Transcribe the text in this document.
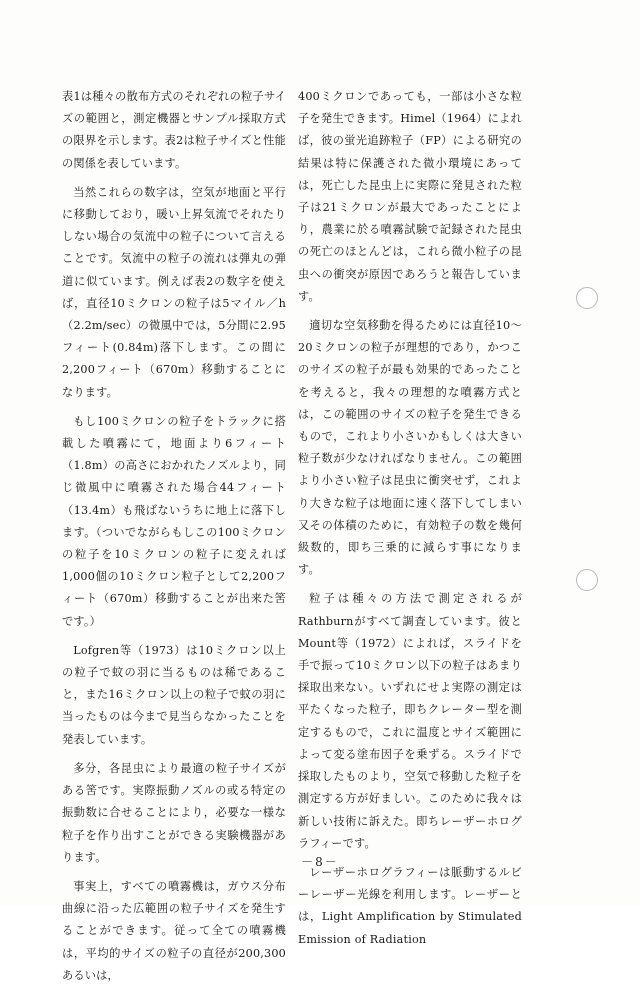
表1は種々の散布方式のそれぞれの粒子サイズの範囲と，測定機器とサンプル採取方式の限界を示します。表2は粒子サイズと性能の関係を表しています。

当然これらの数字は，空気が地面と平行に移動しており，暖い上昇気流でそれたりしない場合の気流中の粒子について言えることです。気流中の粒子の流れは弾丸の弾道に似ています。例えば表2の数字を使えば，直径10ミクロンの粒子は5マイル／h（2.2m/sec）の微風中では，5分間に2.95フィート(0.84m)落下します。この間に2,200フィート（670m）移動することになります。

もし100ミクロンの粒子をトラックに搭載した噴霧にて，地面より6フィート（1.8m）の高さにおかれたノズルより，同じ微風中に噴霧された場合44フィート（13.4m）も飛ばないうちに地上に落下します。（ついでながらもしこの100ミクロンの粒子を10ミクロンの粒子に変えれば1,000個の10ミクロン粒子として2,200フィート（670m）移動することが出来た筈です。）

Lofgren等（1973）は10ミクロン以上の粒子で蚊の羽に当るものは稀であること，また16ミクロン以上の粒子で蚊の羽に当ったものは今まで見当らなかったことを発表しています。

多分，各昆虫により最適の粒子サイズがある筈です。実際振動ノズルの或る特定の振動数に合せることにより，必要な一様な粒子を作り出すことができる実験機器があります。

事実上，すべての噴霧機は，ガウス分布曲線に沿った広範囲の粒子サイズを発生することができます。従って全ての噴霧機は，平均的サイズの粒子の直径が200,300あるいは，

400ミクロンであっても，一部は小さな粒子を発生できます。Himel（1964）によれば，彼の蛍光追跡粒子（FP）による研究の結果は特に保護された微小環境にあっては，死亡した昆虫上に実際に発見された粒子は21ミクロンが最大であったことにより，農業に於る噴霧試験で記録された昆虫の死亡のほとんどは，これら微小粒子の昆虫への衝突が原因であろうと報告しています。

適切な空気移動を得るためには直径10～20ミクロンの粒子が理想的であり，かつこのサイズの粒子が最も効果的であったことを考えると，我々の理想的な噴霧方式とは，この範囲のサイズの粒子を発生できるもので，これより小さいかもしくは大きい粒子数が少なければなりません。この範囲より小さい粒子は昆虫に衝突せず，これより大きな粒子は地面に速く落下してしまい又その体積のために，有効粒子の数を幾何級数的，即ち三乗的に減らす事になります。

粒子は種々の方法で測定されるがRathburnがすべて調査しています。彼とMount等（1972）によれば，スライドを手で振って10ミクロン以下の粒子はあまり採取出来ない。いずれにせよ実際の測定は平たくなった粒子，即ちクレーター型を測定するもので，これに温度とサイズ範囲によって変る塗布因子を乗ずる。スライドで採取したものより，空気で移動した粒子を測定する方が好ましい。このために我々は新しい技術に訴えた。即ちレーザーホログラフィーです。

レーザーホログラフィーは脈動するルビーレーザー光線を利用します。レーザーとは，Light Amplification by Stimulated Emission of Radiation

－8－
